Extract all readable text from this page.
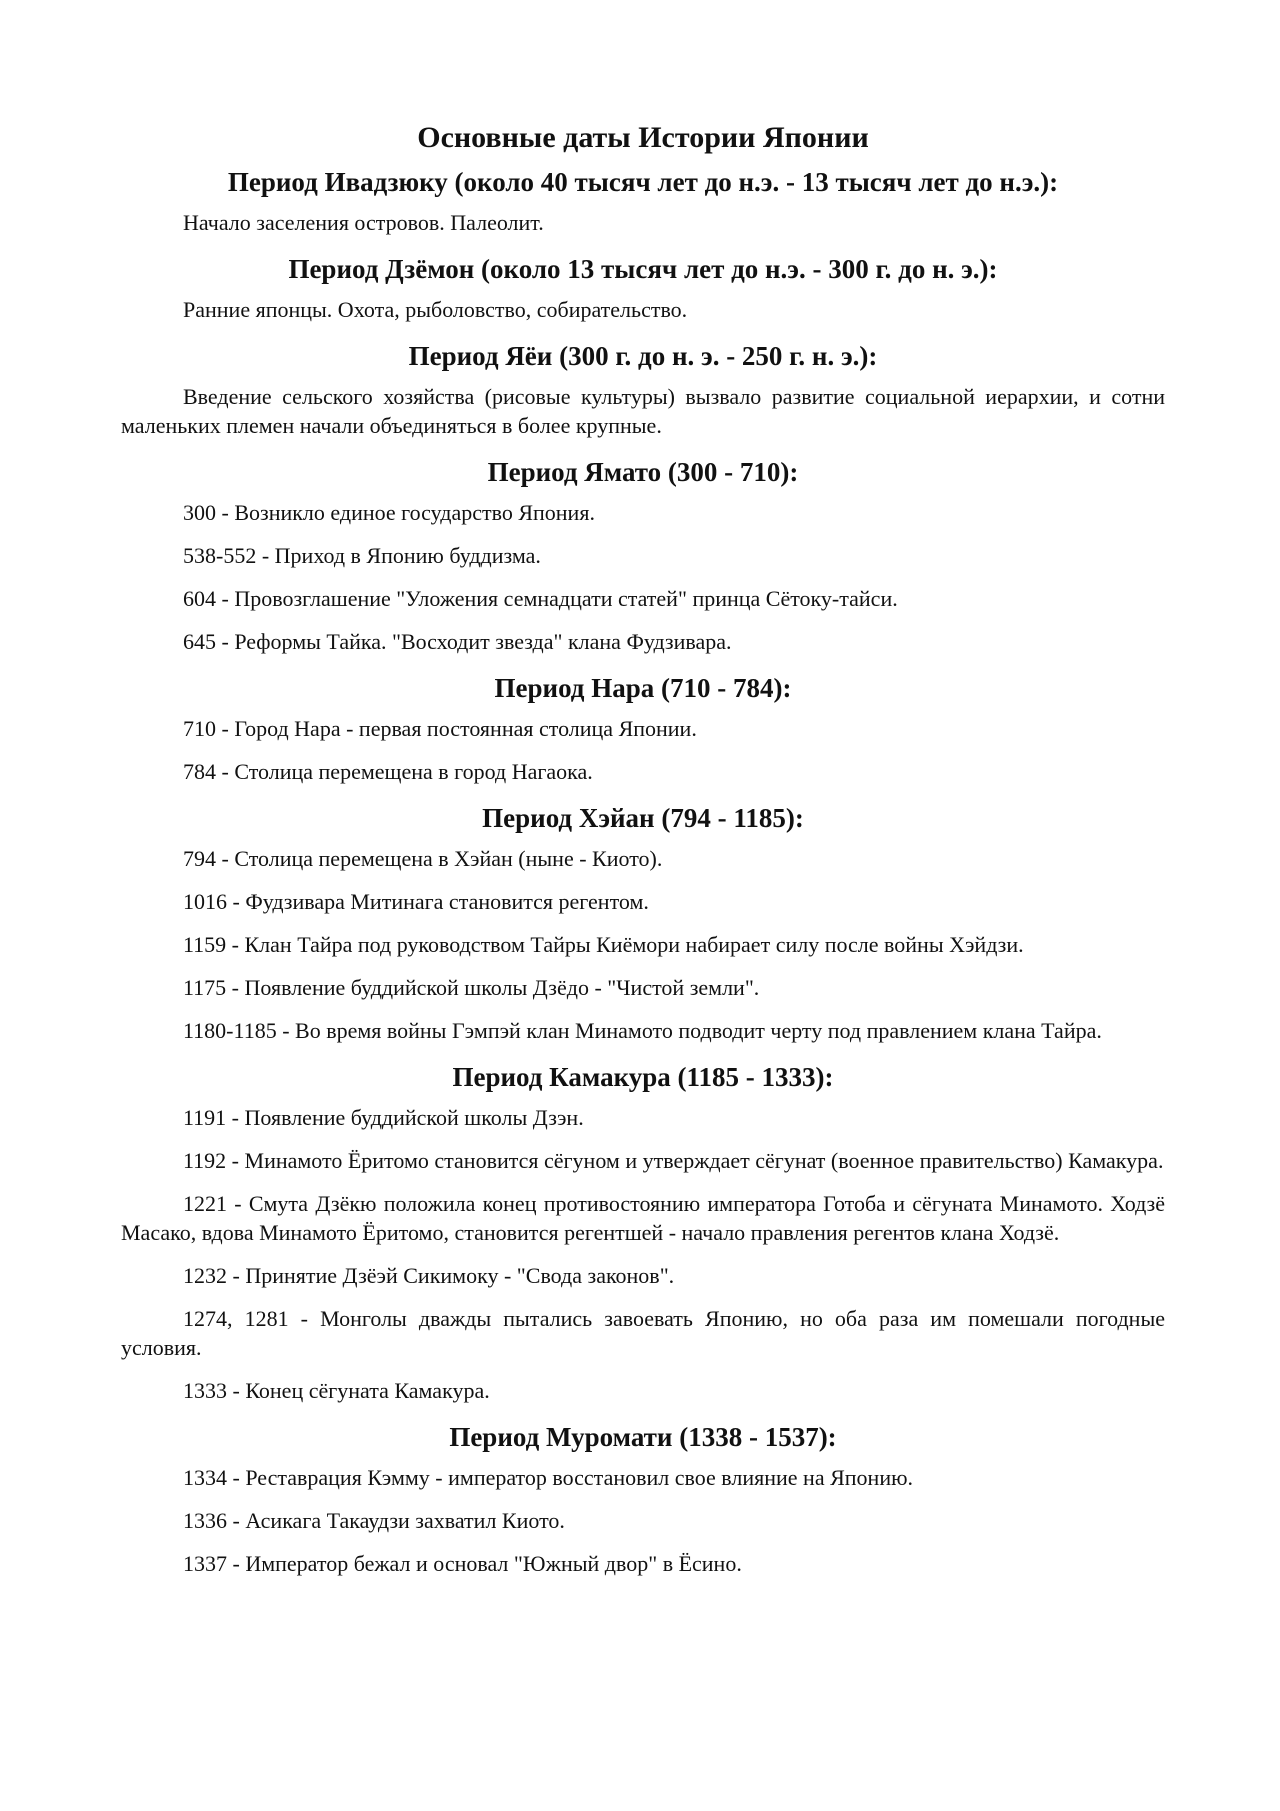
Основные даты Истории Японии
Период Ивадзюку (около 40 тысяч лет до н.э. - 13 тысяч лет до н.э.):

Начало заселения островов. Палеолит.

Период Дзёмон (около 13 тысяч лет до н.э. - 300 г. до н. э.):

Ранние японцы. Охота, рыболовство, собирательство.

Период Яёи (300 г. до н. э. - 250 г. н. э.):

Введение сельского хозяйства (рисовые культуры) вызвало развитие социальной иерархии, и сотни маленьких племен начали объединяться в более крупные.

Период Ямато (300 - 710):

300 - Возникло единое государство Япония.

538-552 - Приход в Японию буддизма.

604 - Провозглашение "Уложения семнадцати статей" принца Сётоку-тайси.

645 - Реформы Тайка. "Восходит звезда" клана Фудзивара.

Период Нара (710 - 784):

710 - Город Нара - первая постоянная столица Японии.

784 - Столица перемещена в город Нагаока.

Период Хэйан (794 - 1185):

794 - Столица перемещена в Хэйан (ныне - Киото).

1016 - Фудзивара Митинага становится регентом.

1159 - Клан Тайра под руководством Тайры Киёмори набирает силу после войны Хэйдзи.

1175 - Появление буддийской школы Дзёдо - "Чистой земли".

1180-1185 - Во время войны Гэмпэй клан Минамото подводит черту под правлением клана Тайра.

Период Камакура (1185 - 1333):

1191 - Появление буддийской школы Дзэн.

1192 - Минамото Ёритомо становится сёгуном и утверждает сёгунат (военное правительство) Камакура.

1221 - Смута Дзёкю положила конец противостоянию императора Готоба и сёгуната Минамото. Ходзё Масако, вдова Минамото Ёритомо, становится регентшей - начало правления регентов клана Ходзё.

1232 - Принятие Дзёэй Сикимоку - "Свода законов".

1274, 1281 - Монголы дважды пытались завоевать Японию, но оба раза им помешали погодные условия.

1333 - Конец сёгуната Камакура.

Период Муромати (1338 - 1537):

1334 - Реставрация Кэмму - император восстановил свое влияние на Японию.

1336 - Асикага Такаудзи захватил Киото.

1337 - Император бежал и основал "Южный двор" в Ёсино.
